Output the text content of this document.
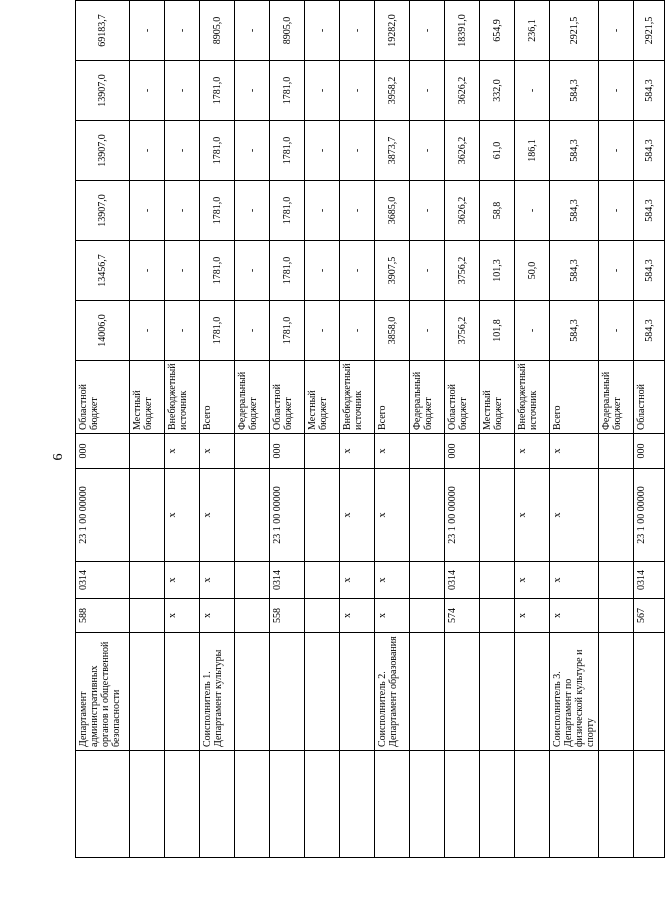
6
	Департамент административных органов и общественной безопасности	588	0314	23 1 00 00000	000	Областной бюджет	14006,0	13456,7	13907,0	13907,0	13907,0	69183,7
						Местный бюджет	-	-	-	-	-	-
		x	x	x	x	Внебюджетный источник	-	-	-	-	-	-
	Соисполнитель 1. Департамент культуры	x	x	x	x	Всего	1781,0	1781,0	1781,0	1781,0	1781,0	8905,0
						Федеральный бюджет	-	-	-	-	-	-
		558	0314	23 1 00 00000	000	Областной бюджет	1781,0	1781,0	1781,0	1781,0	1781,0	8905,0
						Местный бюджет	-	-	-	-	-	-
		x	x	x	x	Внебюджетный источник	-	-	-	-	-	-
	Соисполнитель 2. Департамент образования	x	x	x	x	Всего	3858,0	3907,5	3685,0	3873,7	3958,2	19282,0
						Федеральный бюджет	-	-	-	-	-	-
		574	0314	23 1 00 00000	000	Областной бюджет	3756,2	3756,2	3626,2	3626,2	3626,2	18391,0
						Местный бюджет	101,8	101,3	58,8	61,0	332,0	654,9
		x	x	x	x	Внебюджетный источник	-	50,0	-	186,1	-	236,1
	Соисполнитель 3. Департамент по физической культуре и спорту	x	x	x	x	Всего	584,3	584,3	584,3	584,3	584,3	2921,5
						Федеральный бюджет	-	-	-	-	-	-
		567	0314	23 1 00 00000	000	Областной	584,3	584,3	584,3	584,3	584,3	2921,5
